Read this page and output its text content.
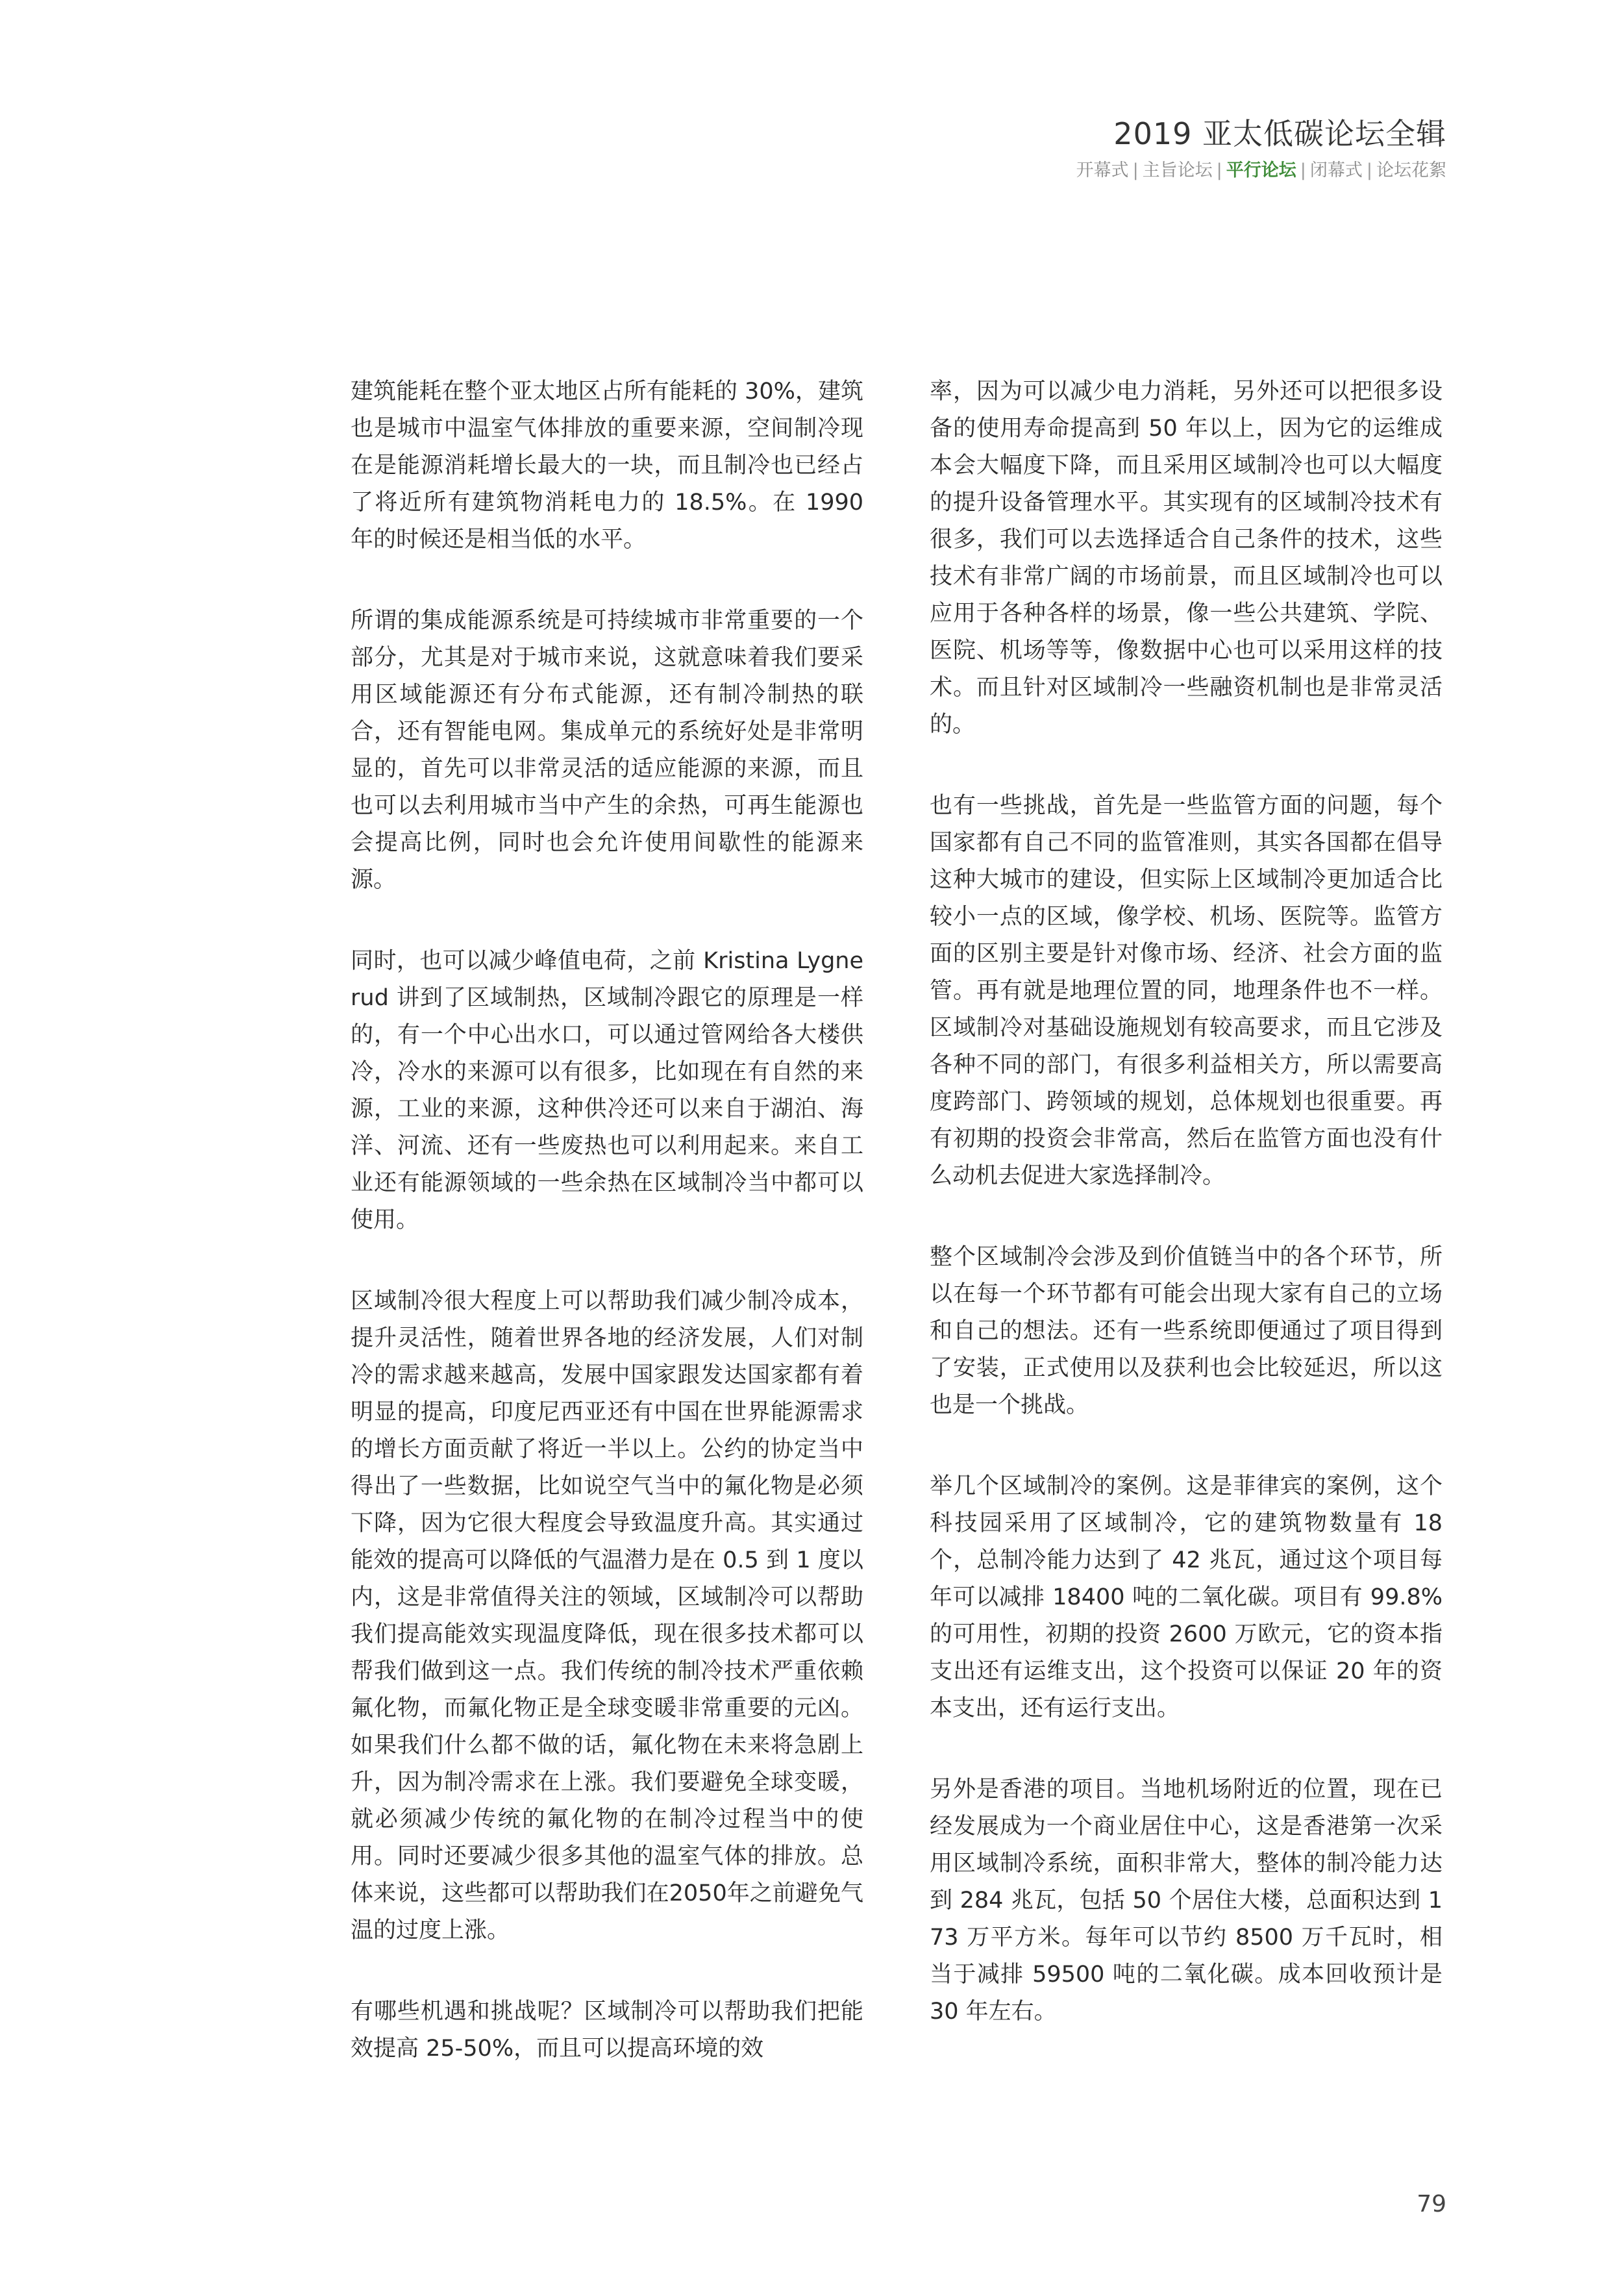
2019 亚太低碳论坛全辑
开幕式 | 主旨论坛 | 平行论坛 | 闭幕式 | 论坛花絮

建筑能耗在整个亚太地区占所有能耗的 30%，建筑也是城市中温室气体排放的重要来源，空间制冷现在是能源消耗增长最大的一块，而且制冷也已经占了将近所有建筑物消耗电力的 18.5%。在 1990 年的时候还是相当低的水平。

所谓的集成能源系统是可持续城市非常重要的一个部分，尤其是对于城市来说，这就意味着我们要采用区域能源还有分布式能源，还有制冷制热的联合，还有智能电网。集成单元的系统好处是非常明显的，首先可以非常灵活的适应能源的来源，而且也可以去利用城市当中产生的余热，可再生能源也会提高比例，同时也会允许使用间歇性的能源来源。

同时，也可以减少峰值电荷，之前 Kristina Lygnerud 讲到了区域制热，区域制冷跟它的原理是一样的，有一个中心出水口，可以通过管网给各大楼供冷，冷水的来源可以有很多，比如现在有自然的来源，工业的来源，这种供冷还可以来自于湖泊、海洋、河流、还有一些废热也可以利用起来。来自工业还有能源领域的一些余热在区域制冷当中都可以使用。

区域制冷很大程度上可以帮助我们减少制冷成本，提升灵活性，随着世界各地的经济发展，人们对制冷的需求越来越高，发展中国家跟发达国家都有着明显的提高，印度尼西亚还有中国在世界能源需求的增长方面贡献了将近一半以上。公约的协定当中得出了一些数据，比如说空气当中的氟化物是必须下降，因为它很大程度会导致温度升高。其实通过能效的提高可以降低的气温潜力是在 0.5 到 1 度以内，这是非常值得关注的领域，区域制冷可以帮助我们提高能效实现温度降低，现在很多技术都可以帮我们做到这一点。我们传统的制冷技术严重依赖氟化物，而氟化物正是全球变暖非常重要的元凶。如果我们什么都不做的话，氟化物在未来将急剧上升，因为制冷需求在上涨。我们要避免全球变暖，就必须减少传统的氟化物的在制冷过程当中的使用。同时还要减少很多其他的温室气体的排放。总体来说，这些都可以帮助我们在2050年之前避免气温的过度上涨。

有哪些机遇和挑战呢？区域制冷可以帮助我们把能效提高 25-50%，而且可以提高环境的效

率，因为可以减少电力消耗，另外还可以把很多设备的使用寿命提高到 50 年以上，因为它的运维成本会大幅度下降，而且采用区域制冷也可以大幅度的提升设备管理水平。其实现有的区域制冷技术有很多，我们可以去选择适合自己条件的技术，这些技术有非常广阔的市场前景，而且区域制冷也可以应用于各种各样的场景，像一些公共建筑、学院、医院、机场等等，像数据中心也可以采用这样的技术。而且针对区域制冷一些融资机制也是非常灵活的。

也有一些挑战，首先是一些监管方面的问题，每个国家都有自己不同的监管准则，其实各国都在倡导这种大城市的建设，但实际上区域制冷更加适合比较小一点的区域，像学校、机场、医院等。监管方面的区别主要是针对像市场、经济、社会方面的监管。再有就是地理位置的同，地理条件也不一样。区域制冷对基础设施规划有较高要求，而且它涉及各种不同的部门，有很多利益相关方，所以需要高度跨部门、跨领域的规划，总体规划也很重要。再有初期的投资会非常高，然后在监管方面也没有什么动机去促进大家选择制冷。

整个区域制冷会涉及到价值链当中的各个环节，所以在每一个环节都有可能会出现大家有自己的立场和自己的想法。还有一些系统即便通过了项目得到了安装，正式使用以及获利也会比较延迟，所以这也是一个挑战。

举几个区域制冷的案例。这是菲律宾的案例，这个科技园采用了区域制冷，它的建筑物数量有 18 个，总制冷能力达到了 42 兆瓦，通过这个项目每年可以减排 18400 吨的二氧化碳。项目有 99.8% 的可用性，初期的投资 2600 万欧元，它的资本指支出还有运维支出，这个投资可以保证 20 年的资本支出，还有运行支出。

另外是香港的项目。当地机场附近的位置，现在已经发展成为一个商业居住中心，这是香港第一次采用区域制冷系统，面积非常大，整体的制冷能力达到 284 兆瓦，包括 50 个居住大楼，总面积达到 173 万平方米。每年可以节约 8500 万千瓦时，相当于减排 59500 吨的二氧化碳。成本回收预计是 30 年左右。

79
